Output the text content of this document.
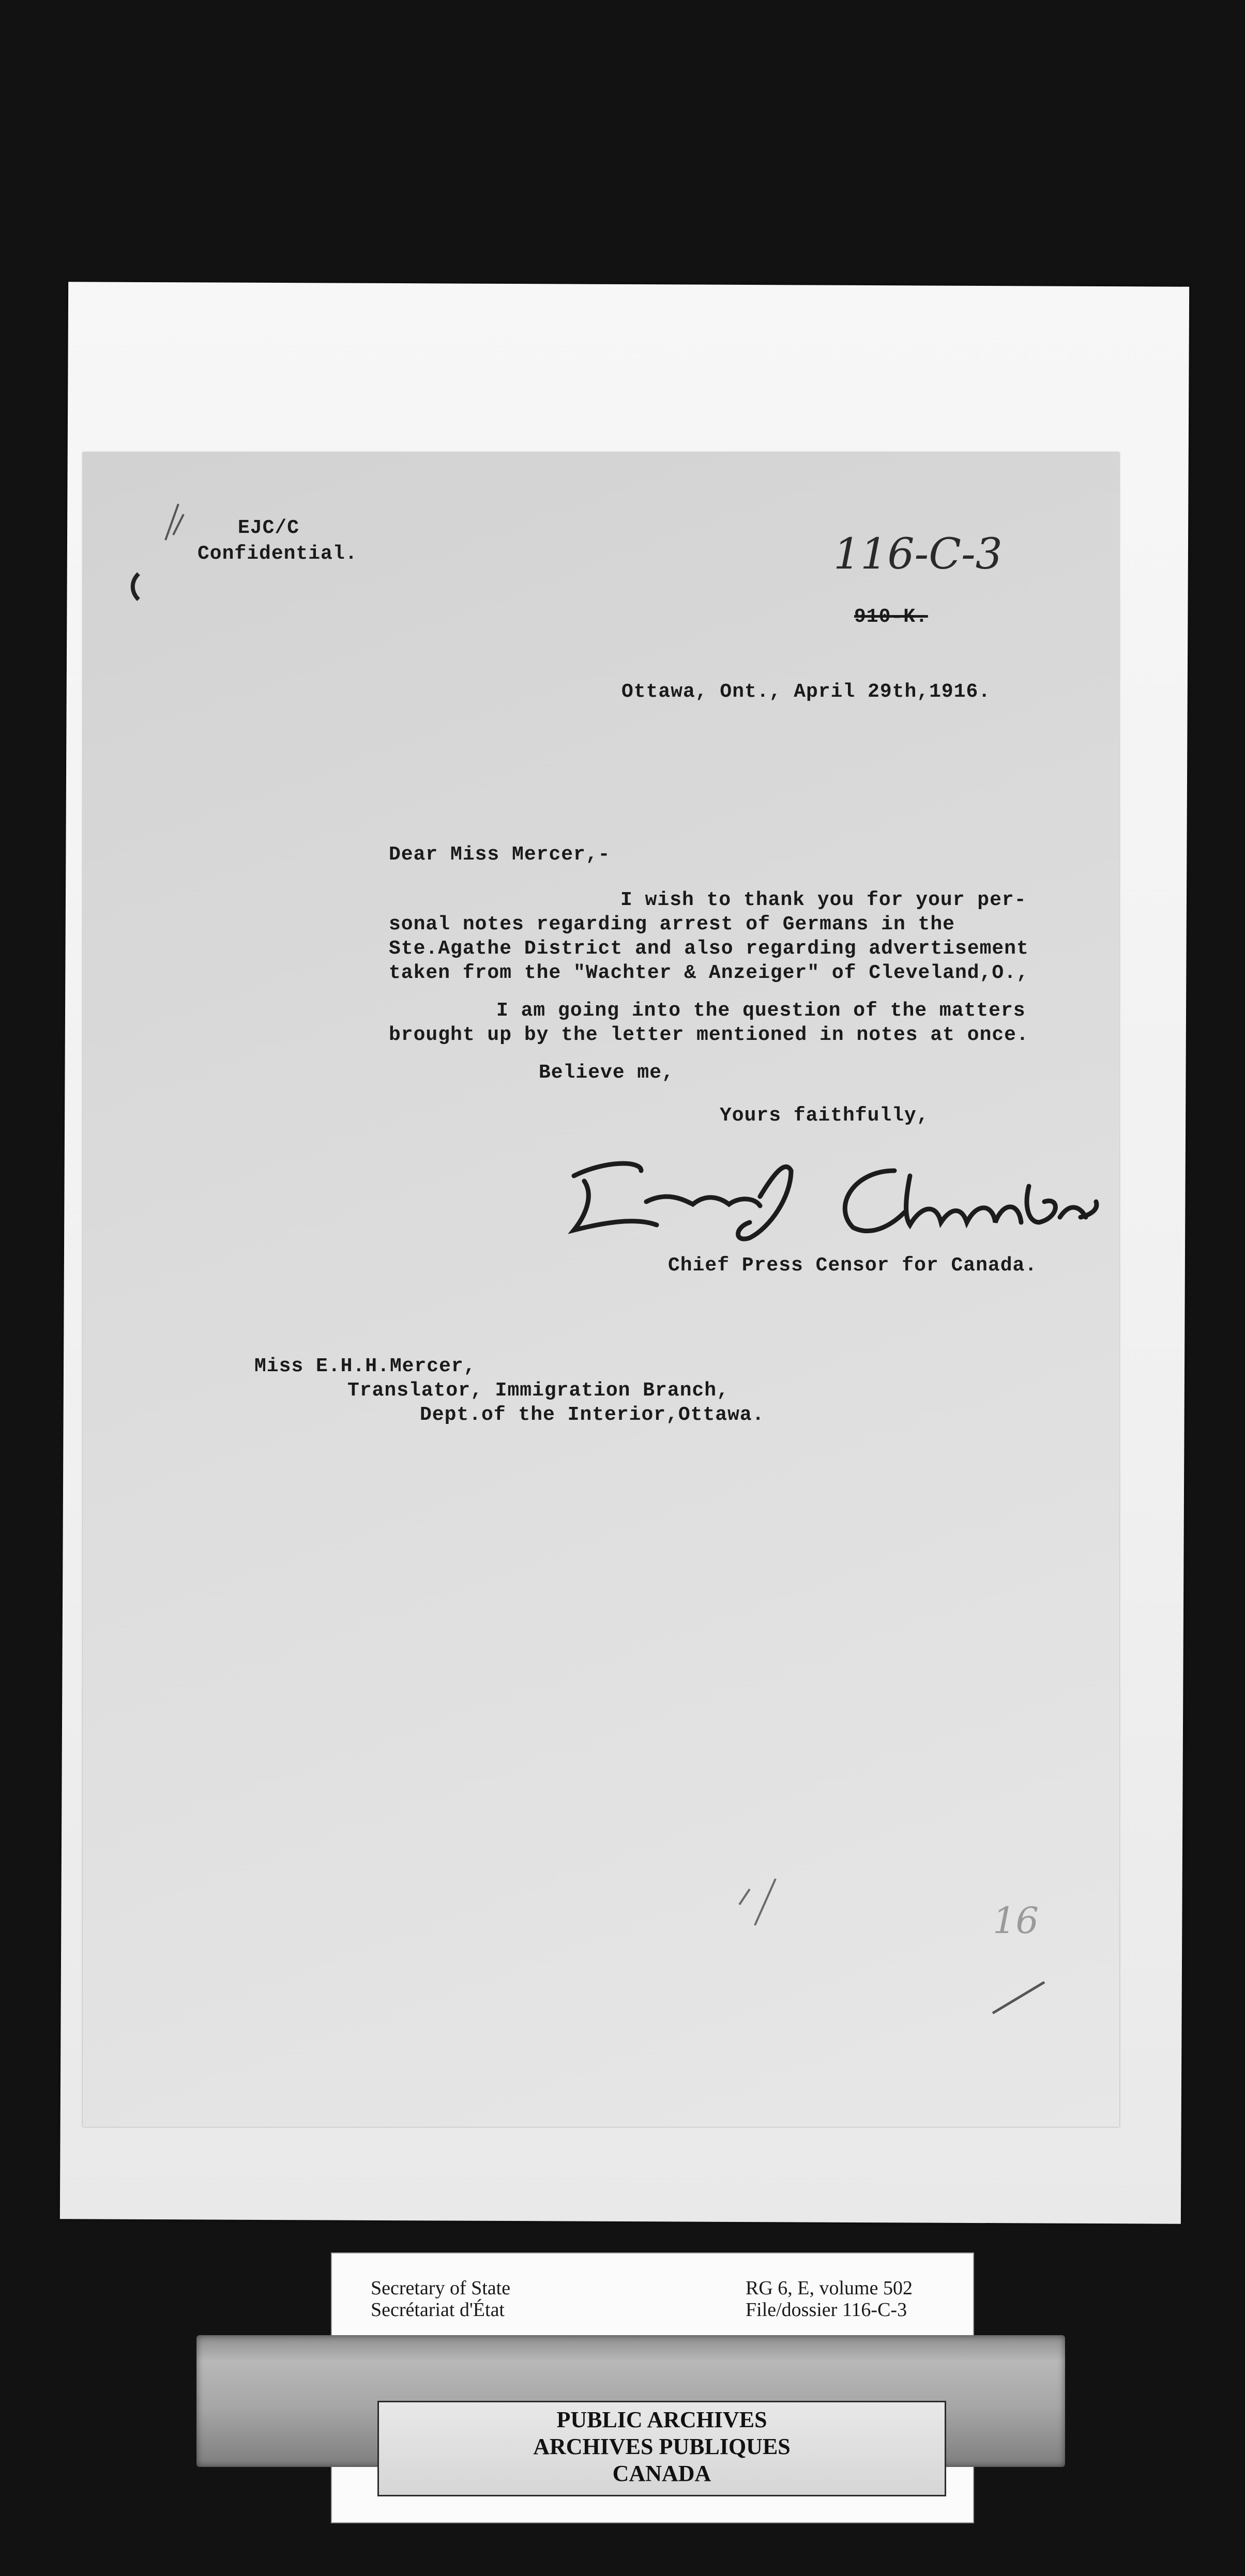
EJC/C
Confidential.	116-C-3
910-K.
Ottawa, Ont., April 29th,1916.
Dear Miss Mercer,-
I wish to thank you for your per-
sonal notes regarding arrest of Germans in the
Ste.Agathe District and also regarding advertisement
taken from the "Wachter & Anzeiger" of Cleveland,O.,
I am going into the question of the matters
brought up by the letter mentioned in notes at once.
Believe me,
Yours faithfully,
Chief Press Censor for Canada.
Miss E.H.H.Mercer,
Translator, Immigration Branch,
Dept.of the Interior,Ottawa.
16
Secretary of State
Secrétariat d'État
RG 6, E, volume 502
File/dossier 116-C-3
PUBLIC ARCHIVES
ARCHIVES PUBLIQUES
CANADA
